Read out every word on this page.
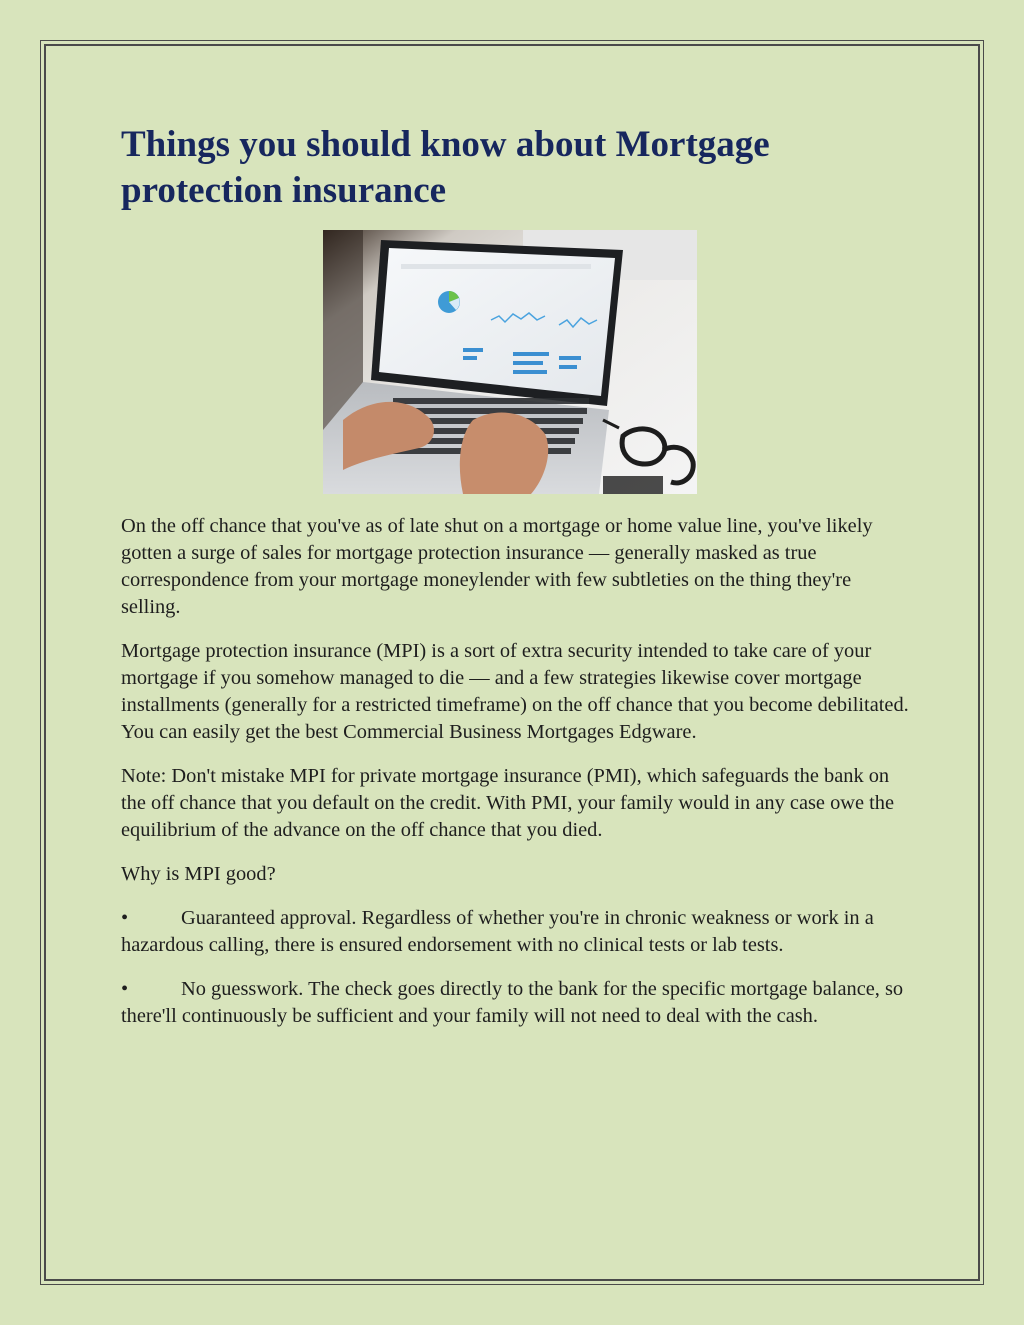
Things you should know about Mortgage protection insurance

On the off chance that you've as of late shut on a mortgage or home value line, you've likely gotten a surge of sales for mortgage protection insurance — generally masked as true correspondence from your mortgage moneylender with few subtleties on the thing they're selling.

Mortgage protection insurance (MPI) is a sort of extra security intended to take care of your mortgage if you somehow managed to die — and a few strategies likewise cover mortgage installments (generally for a restricted timeframe) on the off chance that you become debilitated. You can easily get the best Commercial Business Mortgages Edgware.

Note: Don't mistake MPI for private mortgage insurance (PMI), which safeguards the bank on the off chance that you default on the credit. With PMI, your family would in any case owe the equilibrium of the advance on the off chance that you died.

Why is MPI good?

•	Guaranteed approval. Regardless of whether you're in chronic weakness or work in a hazardous calling, there is ensured endorsement with no clinical tests or lab tests.

•	No guesswork. The check goes directly to the bank for the specific mortgage balance, so there'll continuously be sufficient and your family will not need to deal with the cash.
